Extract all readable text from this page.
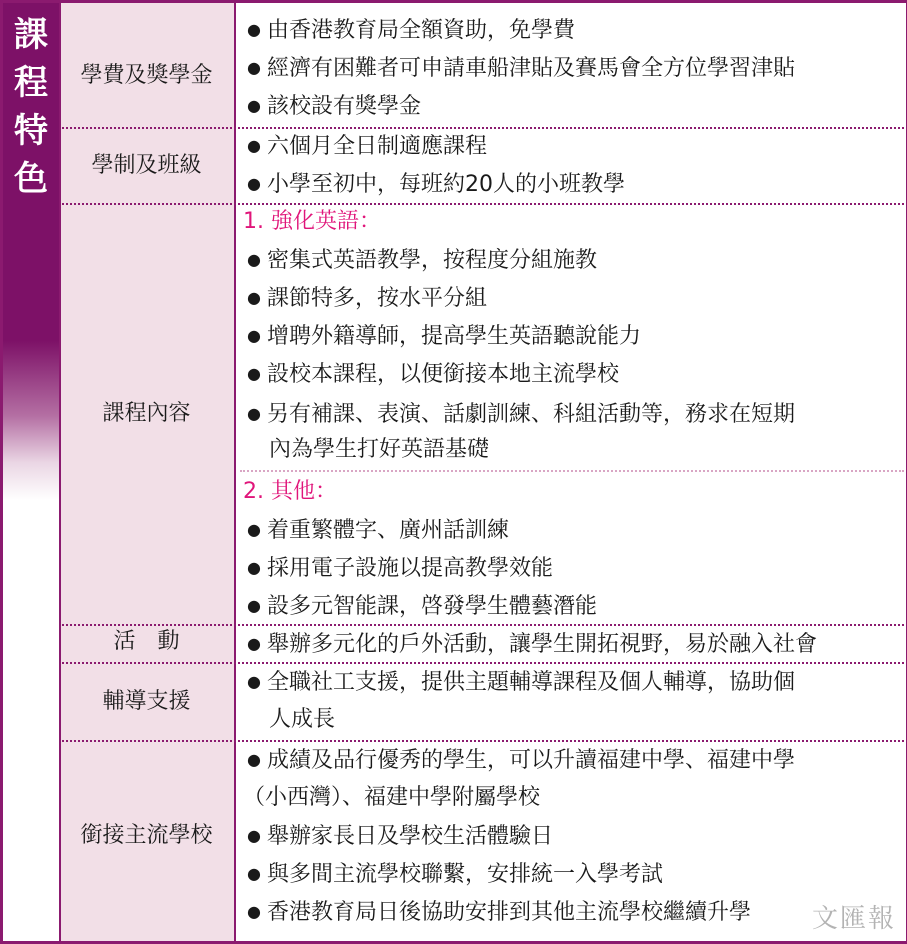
課
程
特
色
學費及獎學金
● 由香港教育局全額資助，免學費
● 經濟有困難者可申請車船津貼及賽馬會全方位學習津貼
● 該校設有獎學金
學制及班級
● 六個月全日制適應課程
● 小學至初中，每班約20人的小班教學
課程內容
1. 強化英語：
● 密集式英語教學，按程度分組施教
● 課節特多，按水平分組
● 增聘外籍導師，提高學生英語聽說能力
● 設校本課程，以便銜接本地主流學校
● 另有補課、表演、話劇訓練、科組活動等，務求在短期
內為學生打好英語基礎
2. 其他：
● 着重繁體字、廣州話訓練
● 採用電子設施以提高教學效能
● 設多元智能課，啓發學生體藝潛能
活　動	● 舉辦多元化的戶外活動，讓學生開拓視野，易於融入社會
輔導支援
● 全職社工支援，提供主題輔導課程及個人輔導，協助個
人成長
銜接主流學校
● 成績及品行優秀的學生，可以升讀福建中學、福建中學
（小西灣）、福建中學附屬學校
● 舉辦家長日及學校生活體驗日
● 與多間主流學校聯繫，安排統一入學考試
● 香港教育局日後協助安排到其他主流學校繼續升學 文匯報
